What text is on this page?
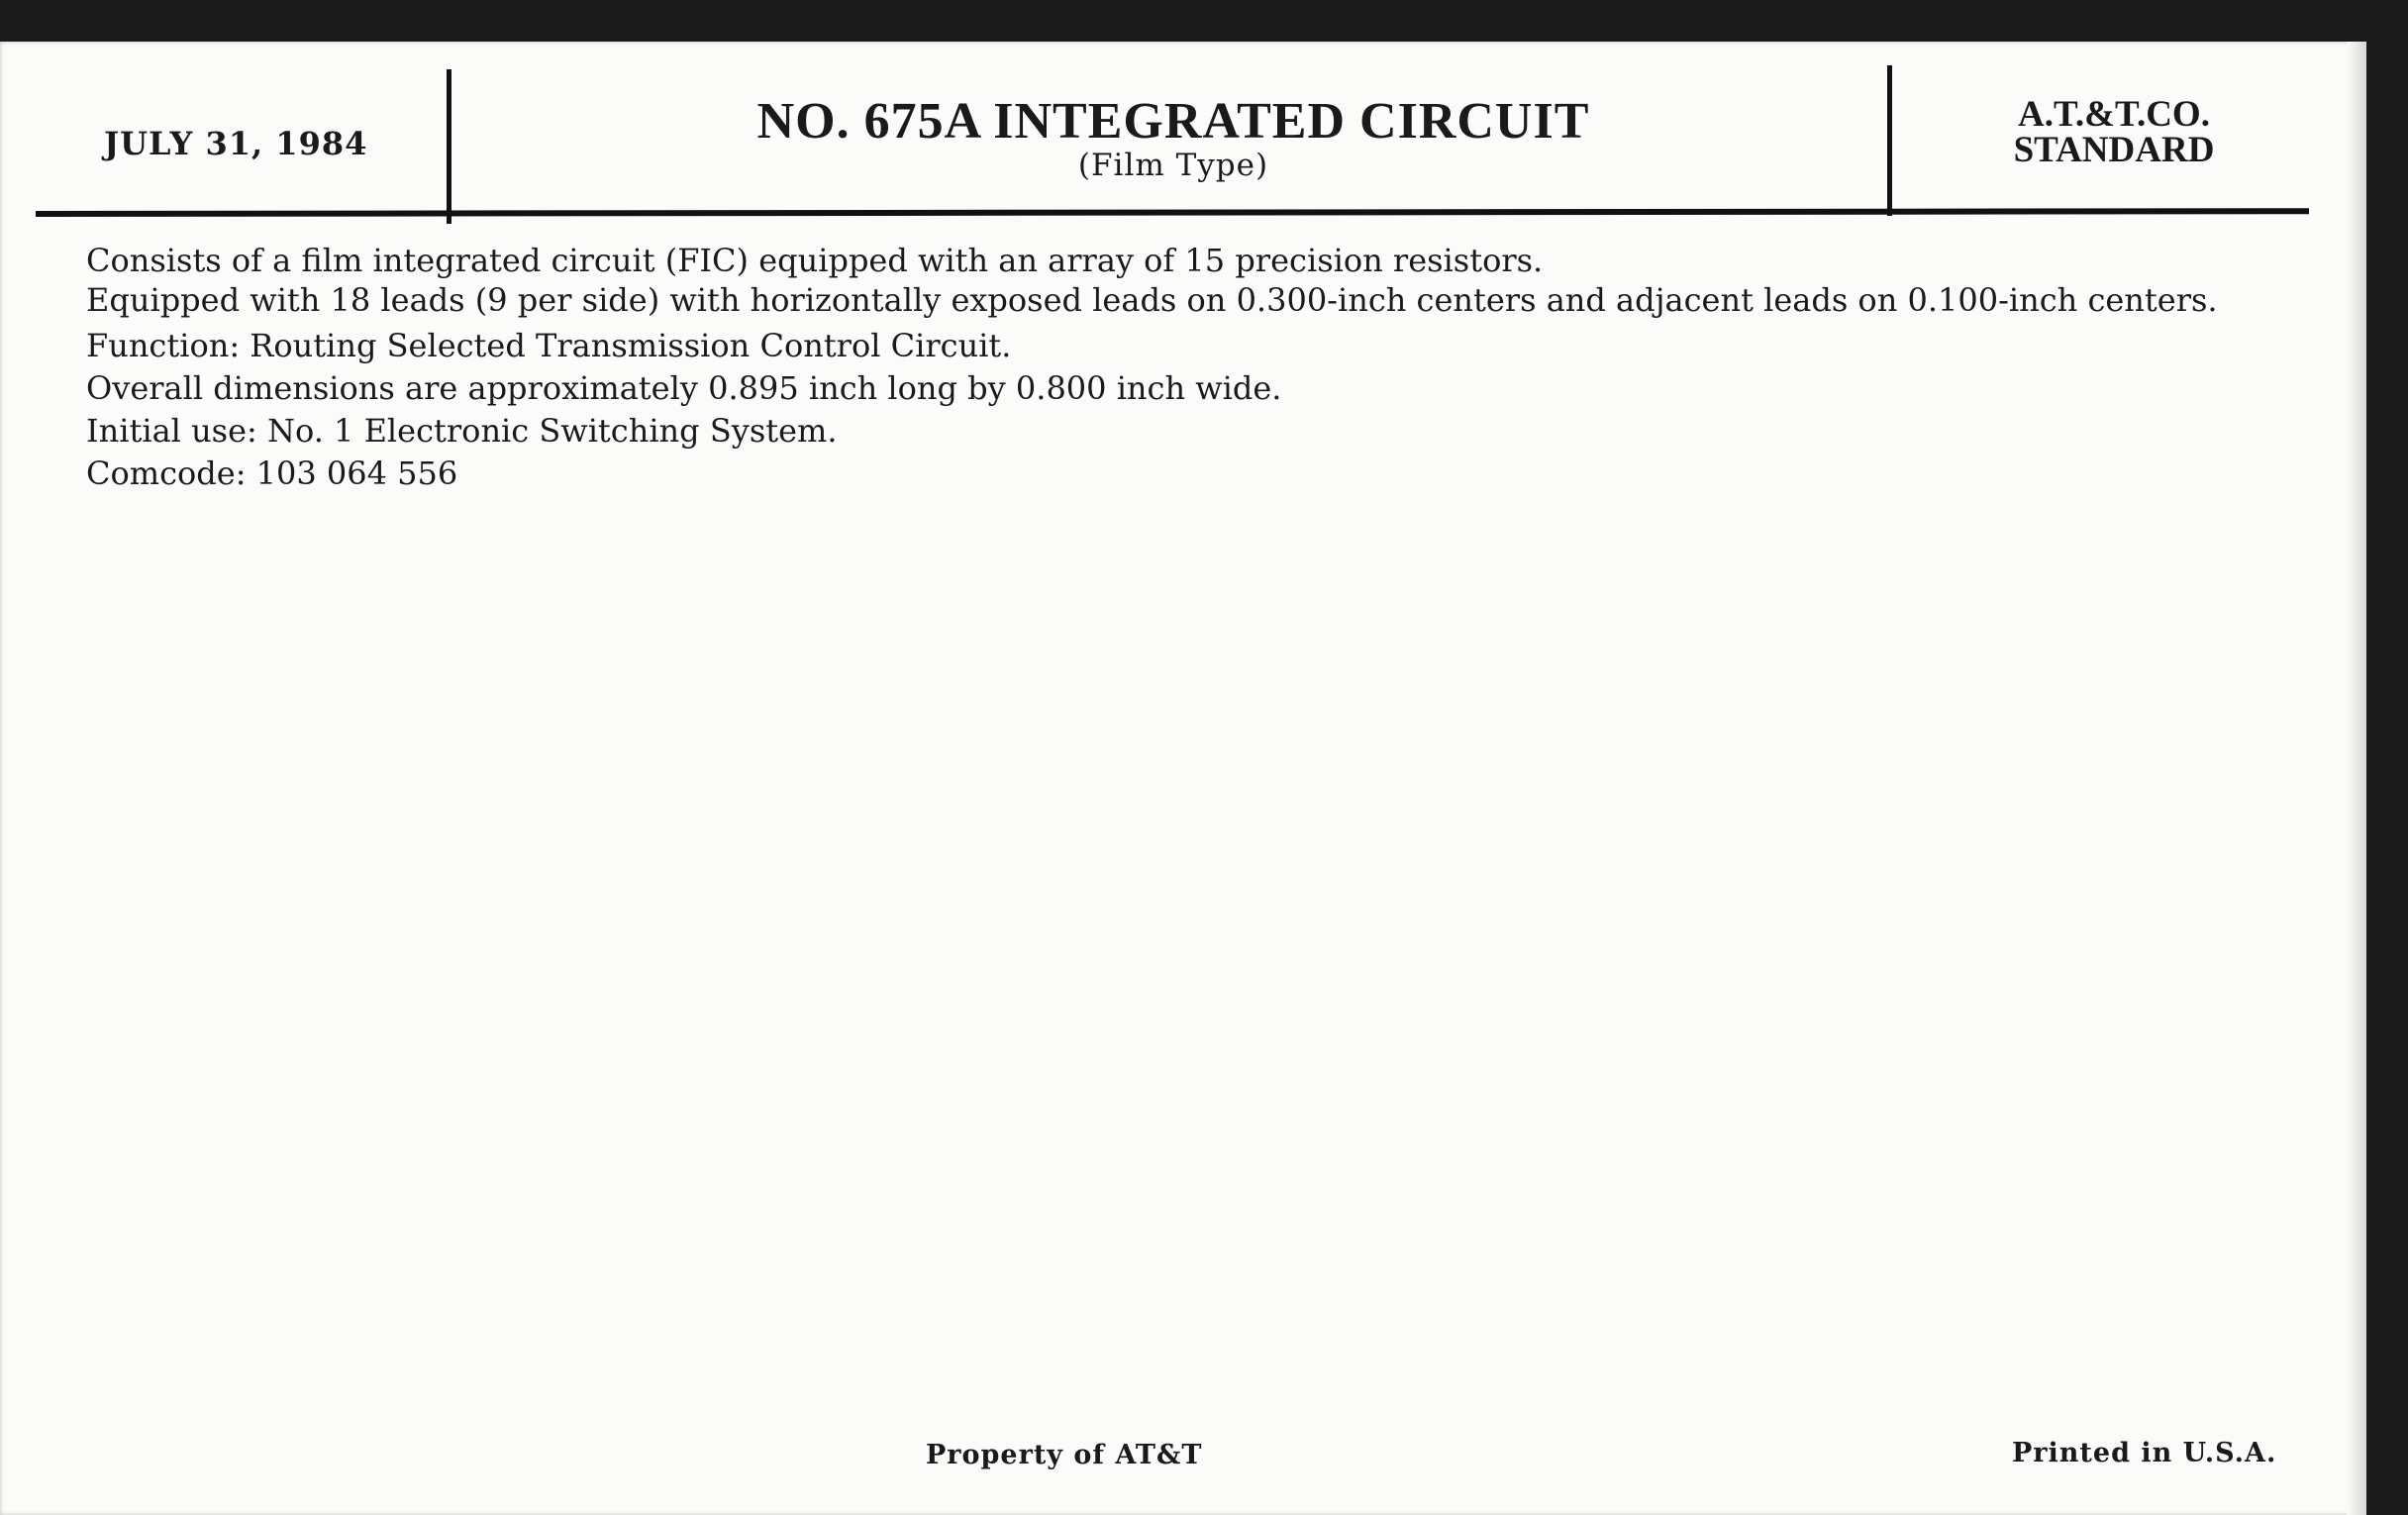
JULY 31, 1984	NO. 675A INTEGRATED CIRCUIT
(Film Type)
A.T.&T.CO.
STANDARD

Consists of a film integrated circuit (FIC) equipped with an array of 15 precision resistors.

Equipped with 18 leads (9 per side) with horizontally exposed leads on 0.300-inch centers and adjacent leads on 0.100-inch centers.

Function: Routing Selected Transmission Control Circuit.

Overall dimensions are approximately 0.895 inch long by 0.800 inch wide.

Initial use: No. 1 Electronic Switching System.

Comcode: 103 064 556

Property of AT&T	Printed in U.S.A.
